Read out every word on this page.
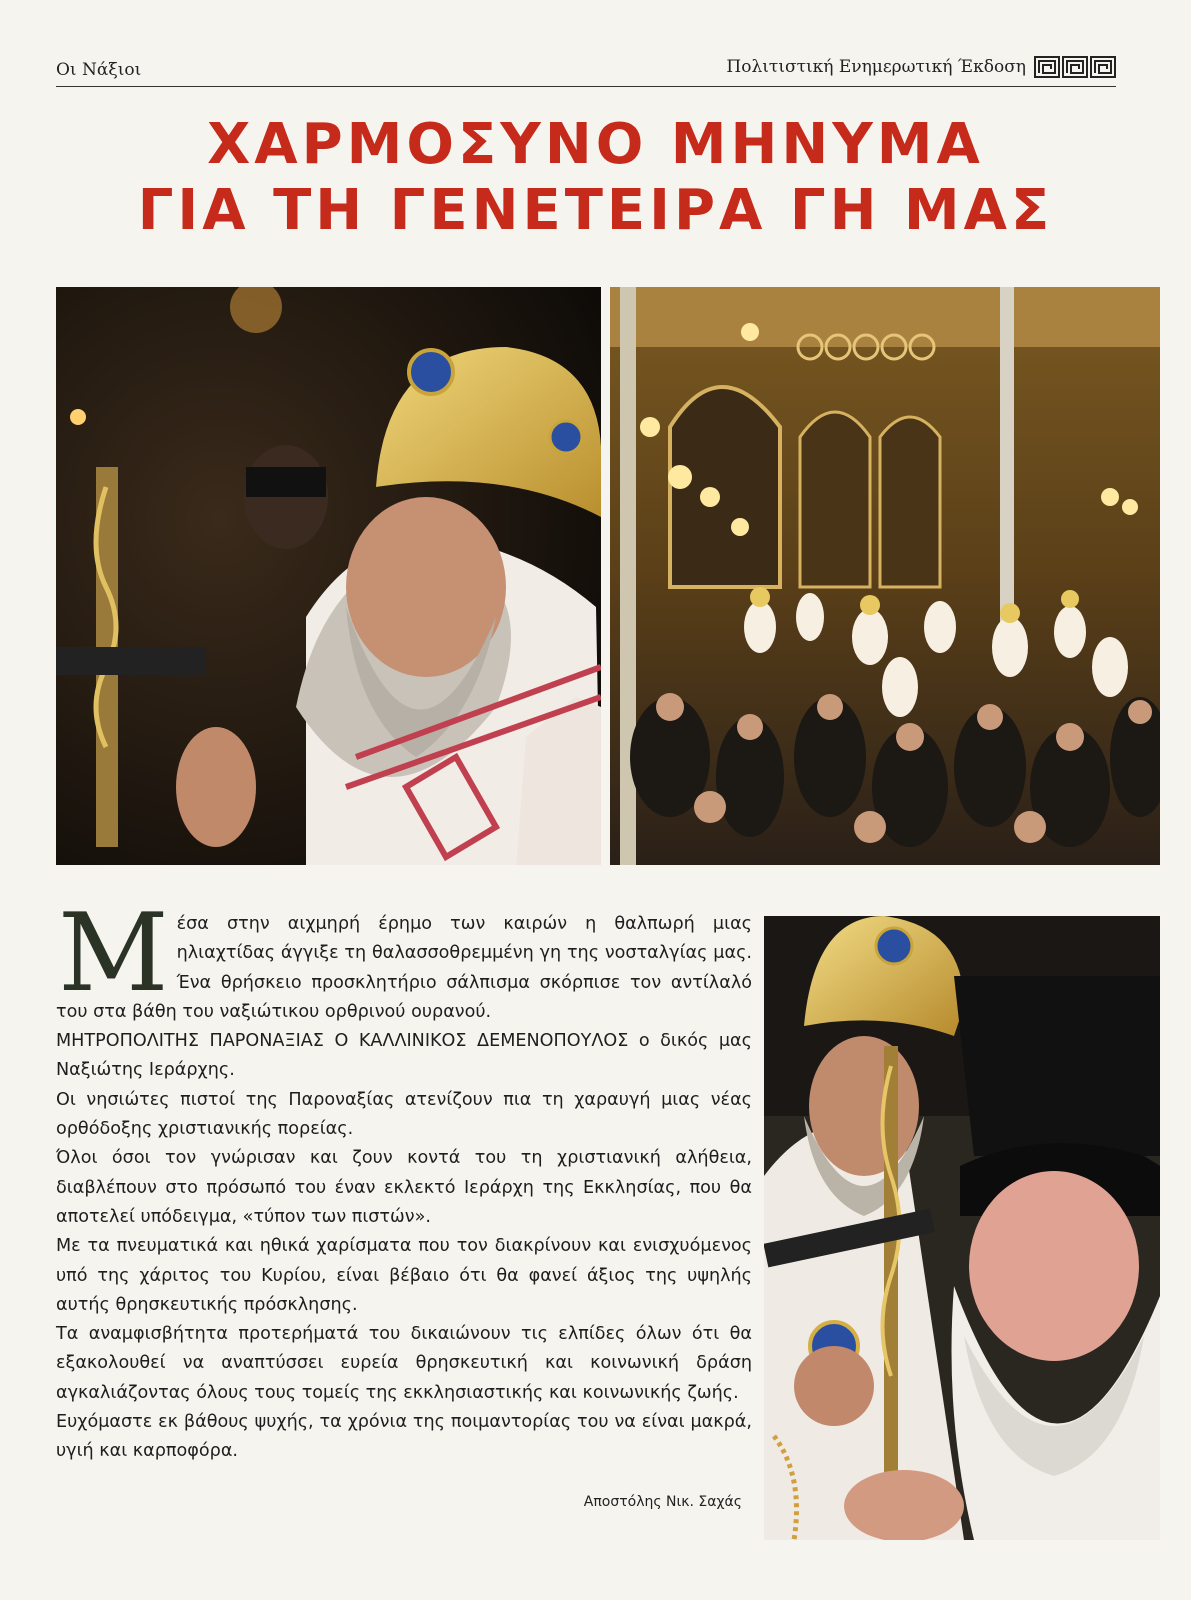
Οι Νάξιοι	Πολιτιστική Ενημερωτική Έκδοση
ΧΑΡΜΟΣΥΝΟ ΜΗΝΥΜΑ
ΓΙΑ ΤΗ ΓΕΝΕΤΕΙΡΑ ΓΗ ΜΑΣ
Μ έσα στην αιχμηρή έρημο των καιρών η θαλπωρή μιας ηλιαχτίδας άγγιξε τη θαλασσοθρεμμένη γη της νοσταλγίας μας. Ένα θρήσκειο προσκλητήριο σάλπισμα σκόρπισε τον αντίλαλό του στα βάθη του ναξιώτικου ορθρινού ουρανού.

ΜΗΤΡΟΠΟΛΙΤΗΣ ΠΑΡΟΝΑΞΙΑΣ Ο ΚΑΛΛΙΝΙΚΟΣ ΔΕΜΕΝΟΠΟΥΛΟΣ ο δικός μας Ναξιώτης Ιεράρχης.

Οι νησιώτες πιστοί της Παροναξίας ατενίζουν πια τη χαραυγή μιας νέας ορθόδοξης χριστιανικής πορείας.

Όλοι όσοι τον γνώρισαν και ζουν κοντά του τη χριστιανική αλήθεια, διαβλέπουν στο πρόσωπό του έναν εκλεκτό Ιεράρχη της Εκκλησίας, που θα αποτελεί υπόδειγμα, «τύπον των πιστών».

Με τα πνευματικά και ηθικά χαρίσματα που τον διακρίνουν και ενισχυόμενος υπό της χάριτος του Κυρίου, είναι βέβαιο ότι θα φανεί άξιος της υψηλής αυτής θρησκευτικής πρόσκλησης.

Τα αναμφισβήτητα προτερήματά του δικαιώνουν τις ελπίδες όλων ότι θα εξακολουθεί να αναπτύσσει ευρεία θρησκευτική και κοινωνική δράση αγκαλιάζοντας όλους τους τομείς της εκκλησιαστικής και κοινωνικής ζωής.

Ευχόμαστε εκ βάθους ψυχής, τα χρόνια της ποιμαντορίας του να είναι μακρά, υγιή και καρποφόρα.

Αποστόλης Νικ. Σαχάς
